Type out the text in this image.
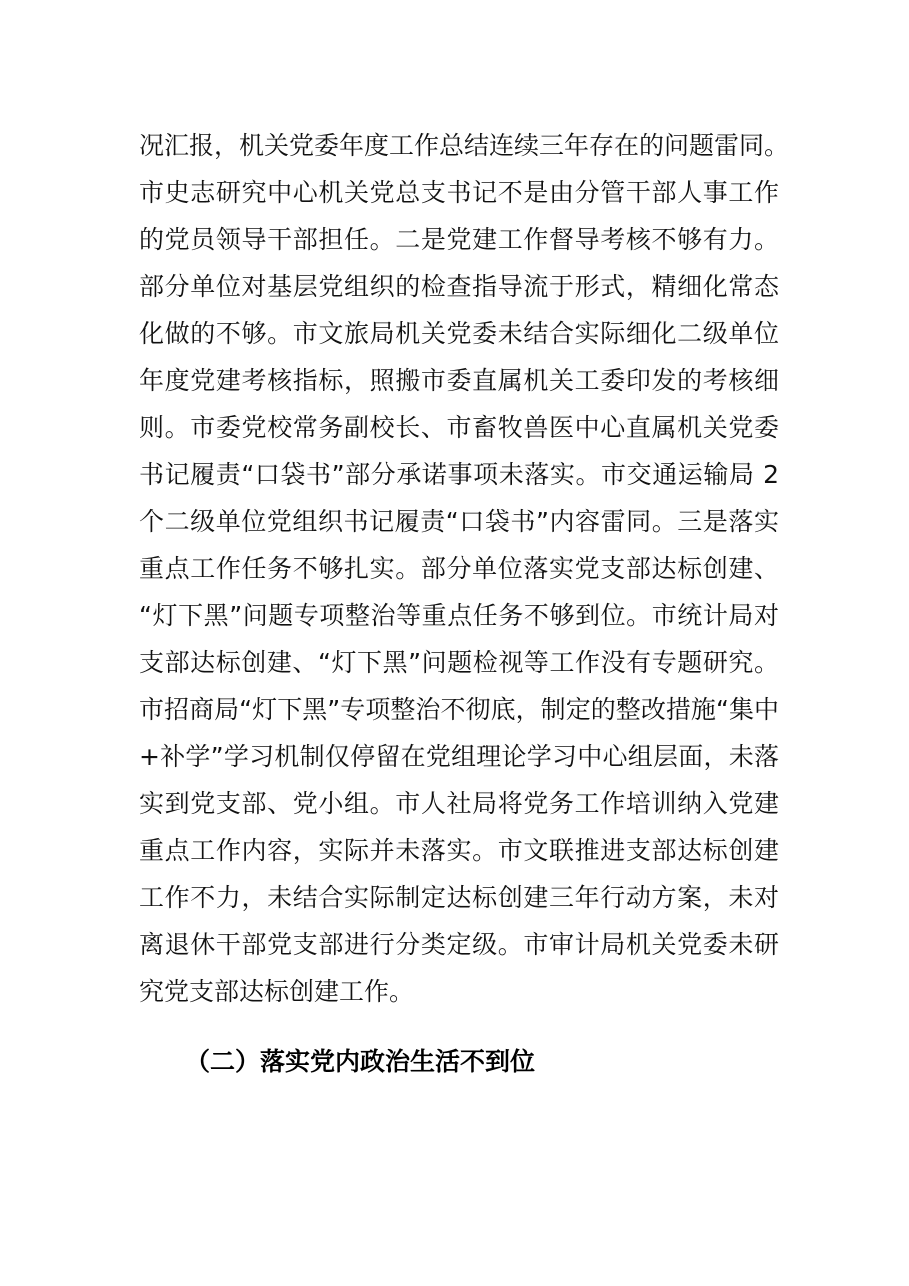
况汇报，机关党委年度工作总结连续三年存在的问题雷同。
市史志研究中心机关党总支书记不是由分管干部人事工作
的党员领导干部担任。二是党建工作督导考核不够有力。
部分单位对基层党组织的检查指导流于形式，精细化常态
化做的不够。市文旅局机关党委未结合实际细化二级单位
年度党建考核指标，照搬市委直属机关工委印发的考核细
则。市委党校常务副校长、市畜牧兽医中心直属机关党委
书记履责“口袋书”部分承诺事项未落实。市交通运输局 2
个二级单位党组织书记履责“口袋书”内容雷同。三是落实
重点工作任务不够扎实。部分单位落实党支部达标创建、
“灯下黑”问题专项整治等重点任务不够到位。市统计局对
支部达标创建、“灯下黑”问题检视等工作没有专题研究。
市招商局“灯下黑”专项整治不彻底，制定的整改措施“集中
+补学”学习机制仅停留在党组理论学习中心组层面，未落
实到党支部、党小组。市人社局将党务工作培训纳入党建
重点工作内容，实际并未落实。市文联推进支部达标创建
工作不力，未结合实际制定达标创建三年行动方案，未对
离退休干部党支部进行分类定级。市审计局机关党委未研
究党支部达标创建工作。
（二）落实党内政治生活不到位
